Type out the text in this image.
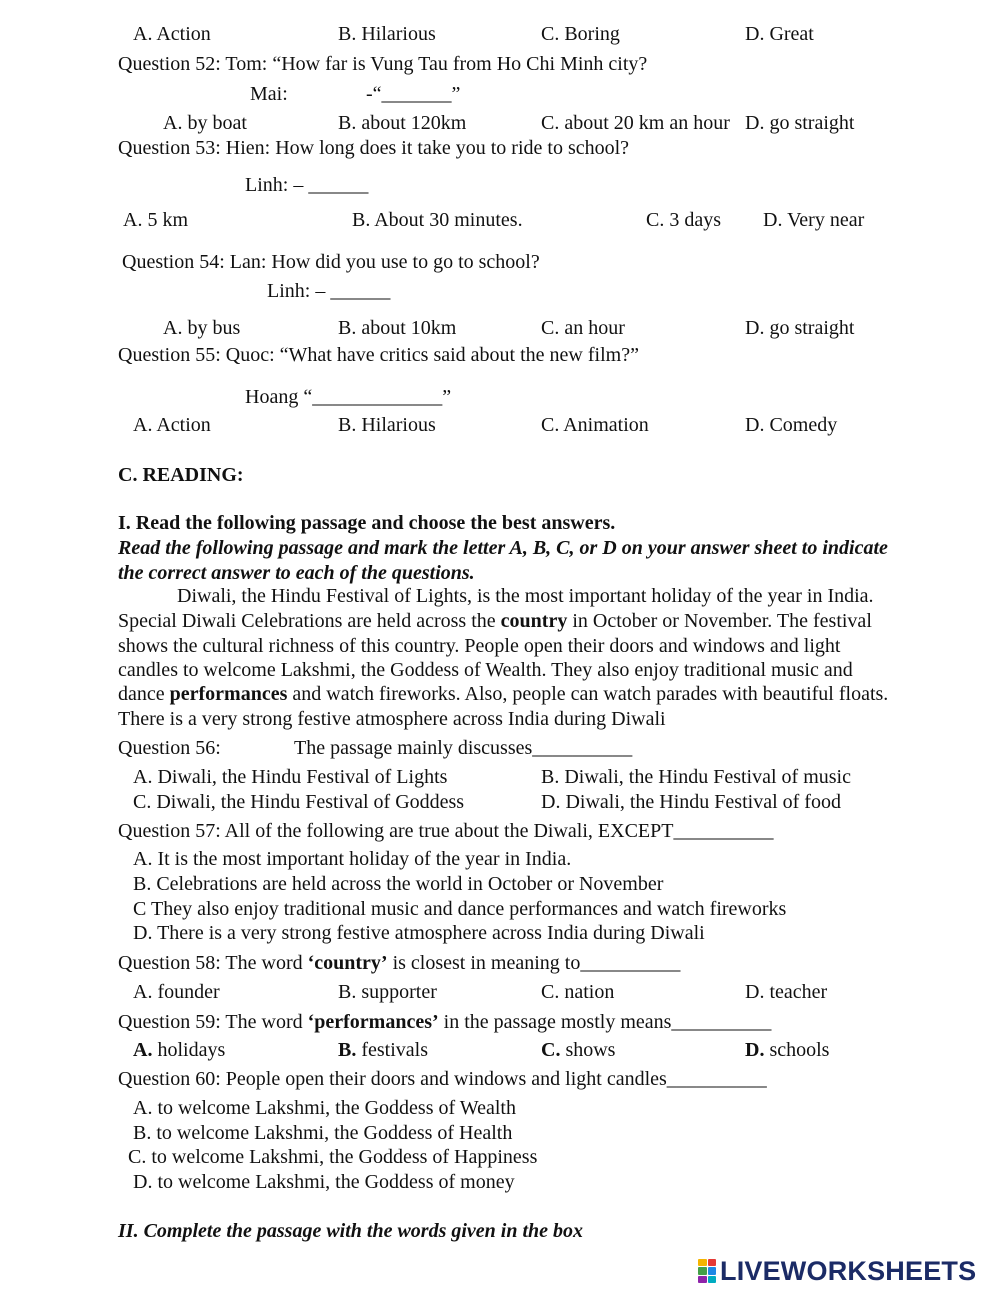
A. Action	B. Hilarious	C. Boring	D. Great
Question 52: Tom: “How far is Vung Tau from Ho Chi Minh city?
Mai:	-“_______”
A. by boat	B. about 120km	C. about 20 km an hour D. go straight
Question 53: Hien: How long does it take you to ride to school?
Linh: – ______
A. 5 km	B. About 30 minutes.	C. 3 days D. Very near
Question 54: Lan: How did you use to go to school?
Linh: – ______
A. by bus	B. about 10km	C. an hour	D. go straight
Question 55: Quoc: “What have critics said about the new film?”
Hoang “_____________”
A. Action	B. Hilarious	C. Animation	D. Comedy
C. READING:
I. Read the following passage and choose the best answers.
Read the following passage and mark the letter A, B, C, or D on your answer sheet to indicate
the correct answer to each of the questions.
Diwali, the Hindu Festival of Lights, is the most important holiday of the year in India.
Special Diwali Celebrations are held across the country in October or November. The festival
shows the cultural richness of this country. People open their doors and windows and light
candles to welcome Lakshmi, the Goddess of Wealth. They also enjoy traditional music and
dance performances and watch fireworks. Also, people can watch parades with beautiful floats.
There is a very strong festive atmosphere across India during Diwali
Question 56:	The passage mainly discusses__________
A. Diwali, the Hindu Festival of Lights	B. Diwali, the Hindu Festival of music
C. Diwali, the Hindu Festival of Goddess	D. Diwali, the Hindu Festival of food
Question 57: All of the following are true about the Diwali, EXCEPT__________
A. It is the most important holiday of the year in India.
B. Celebrations are held across the world in October or November
C They also enjoy traditional music and dance performances and watch fireworks
D. There is a very strong festive atmosphere across India during Diwali
Question 58: The word ‘country’ is closest in meaning to__________
A. founder	B. supporter	C. nation	D. teacher
Question 59: The word ‘performances’ in the passage mostly means__________
A. holidays	B. festivals	C. shows	D. schools
Question 60: People open their doors and windows and light candles__________
A. to welcome Lakshmi, the Goddess of Wealth
B. to welcome Lakshmi, the Goddess of Health
C. to welcome Lakshmi, the Goddess of Happiness
D. to welcome Lakshmi, the Goddess of money
II. Complete the passage with the words given in the box
LIVEWORKSHEETS
